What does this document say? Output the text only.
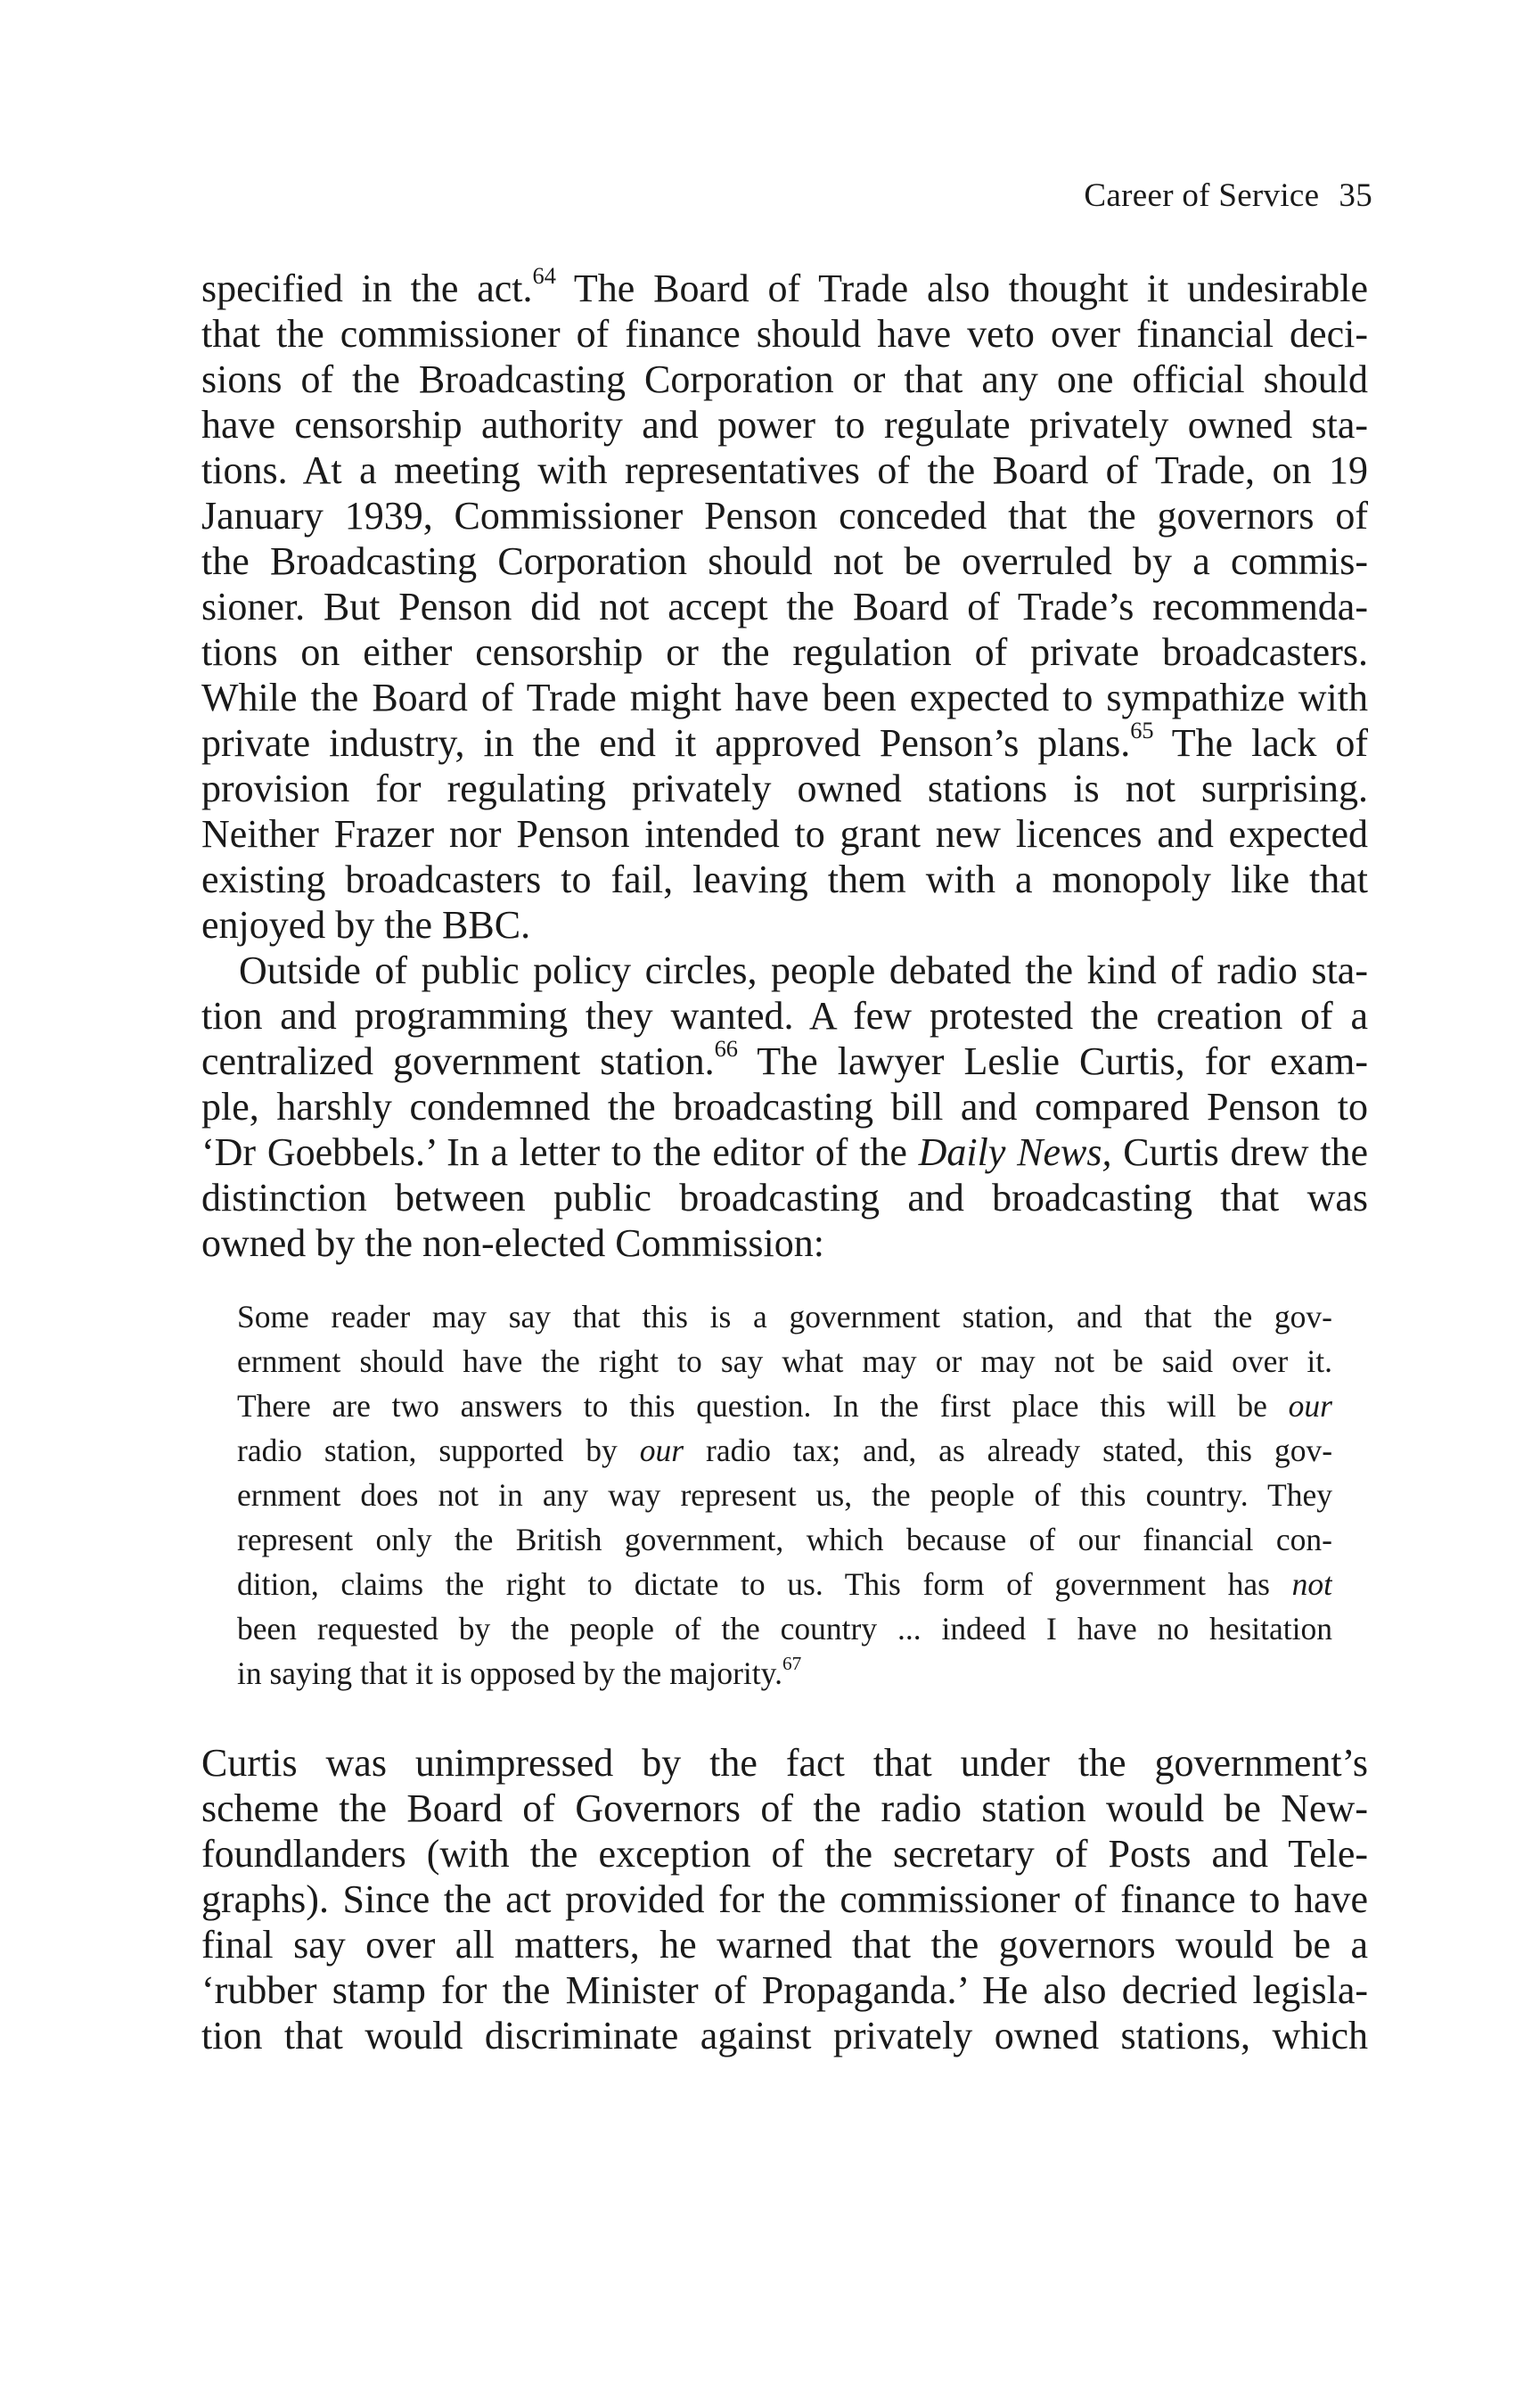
Career of Service 35
specified in the act.$^{64}$ The Board of Trade also thought it undesirable
that the commissioner of finance should have veto over financial deci-
sions of the Broadcasting Corporation or that any one official should
have censorship authority and power to regulate privately owned sta-
tions. At a meeting with representatives of the Board of Trade, on 19
January 1939, Commissioner Penson conceded that the governors of
the Broadcasting Corporation should not be overruled by a commis-
sioner. But Penson did not accept the Board of Trade’s recommenda-
tions on either censorship or the regulation of private broadcasters.
While the Board of Trade might have been expected to sympathize with
private industry, in the end it approved Penson’s plans.$^{65}$ The lack of
provision for regulating privately owned stations is not surprising.
Neither Frazer nor Penson intended to grant new licences and expected
existing broadcasters to fail, leaving them with a monopoly like that
enjoyed by the BBC.
Outside of public policy circles, people debated the kind of radio sta-
tion and programming they wanted. A few protested the creation of a
centralized government station.$^{66}$ The lawyer Leslie Curtis, for exam-
ple, harshly condemned the broadcasting bill and compared Penson to
‘Dr Goebbels.’ In a letter to the editor of the Daily News, Curtis drew the
distinction between public broadcasting and broadcasting that was
owned by the non-elected Commission:
Some reader may say that this is a government station, and that the gov-
ernment should have the right to say what may or may not be said over it.
There are two answers to this question. In the first place this will be our
radio station, supported by our radio tax; and, as already stated, this gov-
ernment does not in any way represent us, the people of this country. They
represent only the British government, which because of our financial con-
dition, claims the right to dictate to us. This form of government has not
been requested by the people of the country ... indeed I have no hesitation
in saying that it is opposed by the majority.$^{67}$
Curtis was unimpressed by the fact that under the government’s
scheme the Board of Governors of the radio station would be New-
foundlanders (with the exception of the secretary of Posts and Tele-
graphs). Since the act provided for the commissioner of finance to have
final say over all matters, he warned that the governors would be a
‘rubber stamp for the Minister of Propaganda.’ He also decried legisla-
tion that would discriminate against privately owned stations, which
